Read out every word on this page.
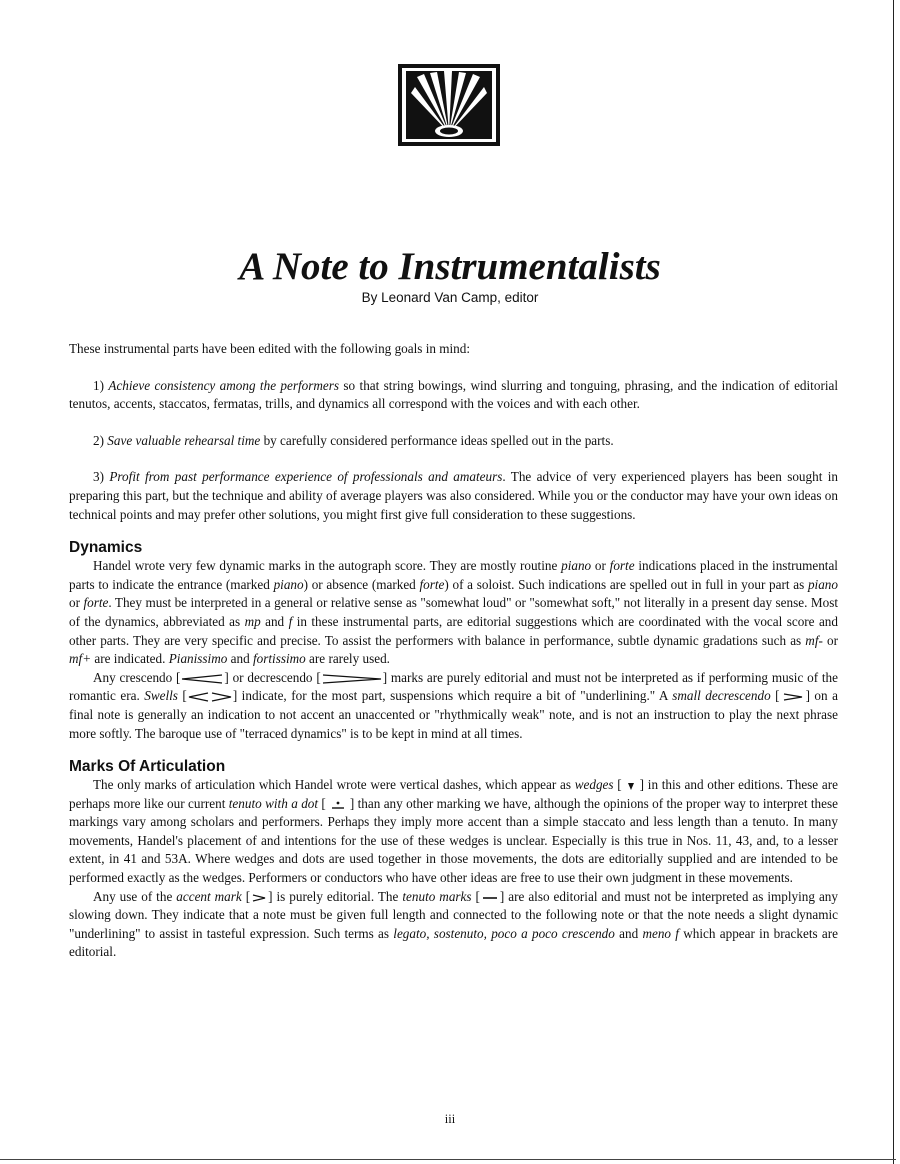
A Note to Instrumentalists
By Leonard Van Camp, editor

These instrumental parts have been edited with the following goals in mind:

1) Achieve consistency among the performers so that string bowings, wind slurring and tonguing, phrasing, and the indication of editorial tenutos, accents, staccatos, fermatas, trills, and dynamics all correspond with the voices and with each other.

2) Save valuable rehearsal time by carefully considered performance ideas spelled out in the parts.

3) Profit from past performance experience of professionals and amateurs. The advice of very experienced players has been sought in preparing this part, but the technique and ability of average players was also considered. While you or the conductor may have your own ideas on technical points and may prefer other solutions, you might first give full consideration to these suggestions.

Dynamics

Handel wrote very few dynamic marks in the autograph score. They are mostly routine piano or forte indications placed in the instrumental parts to indicate the entrance (marked piano) or absence (marked forte) of a soloist. Such indications are spelled out in full in your part as piano or forte. They must be interpreted in a general or relative sense as "somewhat loud" or "somewhat soft," not literally in a present day sense. Most of the dynamics, abbreviated as mp and f in these instrumental parts, are editorial suggestions which are coordinated with the vocal score and other parts. They are very specific and precise. To assist the performers with balance in performance, subtle dynamic gradations such as mf- or mf+ are indicated. Pianissimo and fortissimo are rarely used.

Any crescendo [	] or decrescendo [	] marks are purely editorial and must not be interpreted as if performing music of the romantic era. Swells [	] indicate, for the most part, suspensions which require a bit of "underlining." A small decrescendo [ ] on a final note is generally an indication to not accent an unaccented or "rhythmically weak" note, and is not an instruction to play the next phrase more softly. The baroque use of "terraced dynamics" is to be kept in mind at all times.

Marks Of Articulation

The only marks of articulation which Handel wrote were vertical dashes, which appear as wedges [ ] in this and other editions. These are perhaps more like our current tenuto with a dot [ ] than any other marking we have, although the opinions of the proper way to interpret these markings vary among scholars and performers. Perhaps they imply more accent than a simple staccato and less length than a tenuto. In many movements, Handel's placement of and intentions for the use of these wedges is unclear. Especially is this true in Nos. 11, 43, and, to a lesser extent, in 41 and 53A. Where wedges and dots are used together in those movements, the dots are editorially supplied and are intended to be performed exactly as the wedges. Performers or conductors who have other ideas are free to use their own judgment in these movements.

Any use of the accent mark [ ] is purely editorial. The tenuto marks [ ] are also editorial and must not be interpreted as implying any slowing down. They indicate that a note must be given full length and connected to the following note or that the note needs a slight dynamic "underlining" to assist in tasteful expression. Such terms as legato, sostenuto, poco a poco crescendo and meno f which appear in brackets are editorial.

iii
